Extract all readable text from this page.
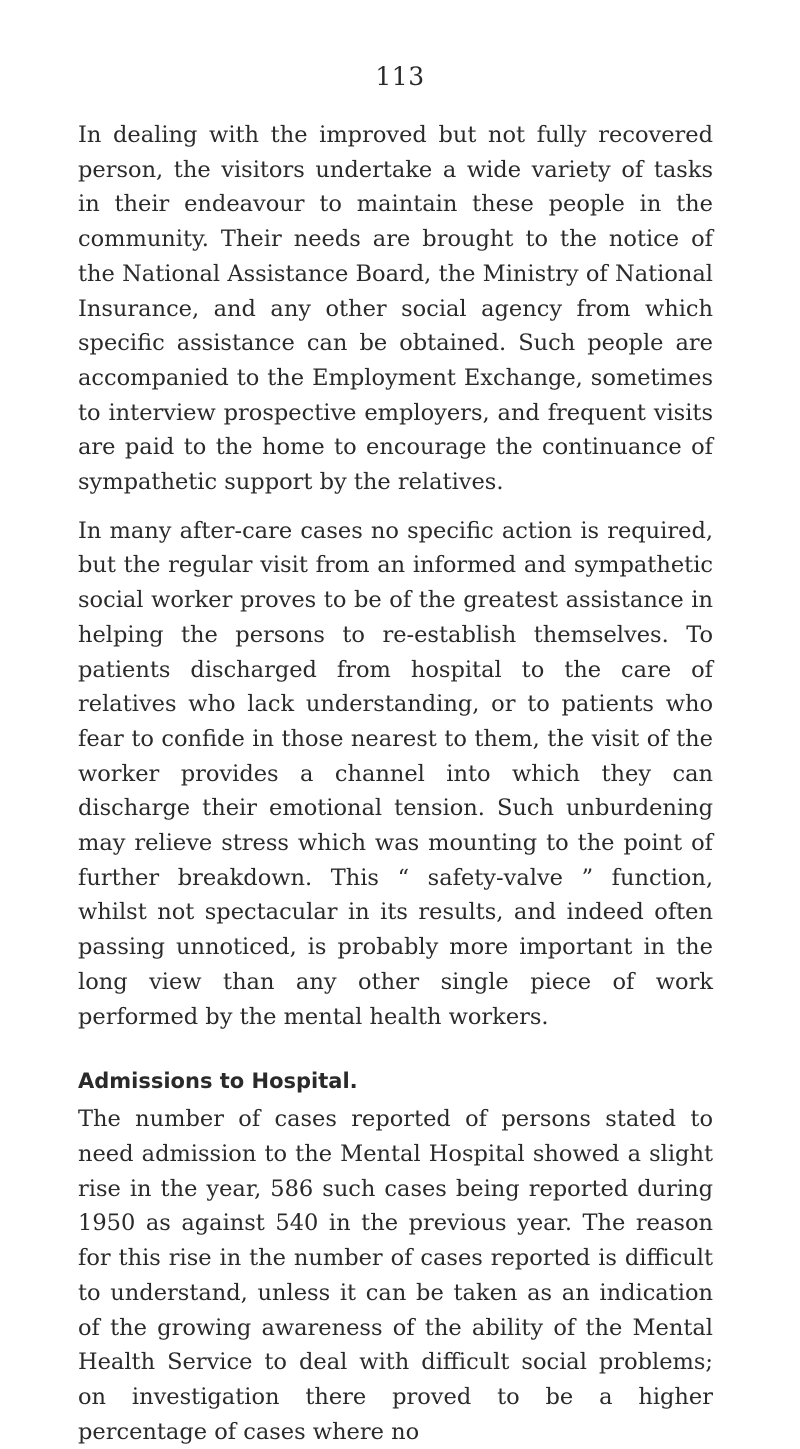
113

In dealing with the improved but not fully recovered person, the visitors undertake a wide variety of tasks in their endeavour to maintain these people in the community. Their needs are brought to the notice of the National Assistance Board, the Ministry of National Insurance, and any other social agency from which specific assistance can be obtained. Such people are accompanied to the Employment Exchange, sometimes to interview prospective employers, and frequent visits are paid to the home to encourage the continuance of sympathetic support by the relatives.

In many after-care cases no specific action is required, but the regular visit from an informed and sympathetic social worker proves to be of the greatest assistance in helping the persons to re-establish themselves. To patients discharged from hospital to the care of relatives who lack understanding, or to patients who fear to confide in those nearest to them, the visit of the worker provides a channel into which they can discharge their emotional tension. Such unburdening may relieve stress which was mounting to the point of further breakdown. This “ safety-valve ” function, whilst not spectacular in its results, and indeed often passing unnoticed, is probably more important in the long view than any other single piece of work performed by the mental health workers.

Admissions to Hospital.

The number of cases reported of persons stated to need admission to the Mental Hospital showed a slight rise in the year, 586 such cases being reported during 1950 as against 540 in the previous year. The reason for this rise in the number of cases reported is difficult to understand, unless it can be taken as an indication of the growing awareness of the ability of the Mental Health Service to deal with difficult social problems; on investigation there proved to be a higher percentage of cases where no
